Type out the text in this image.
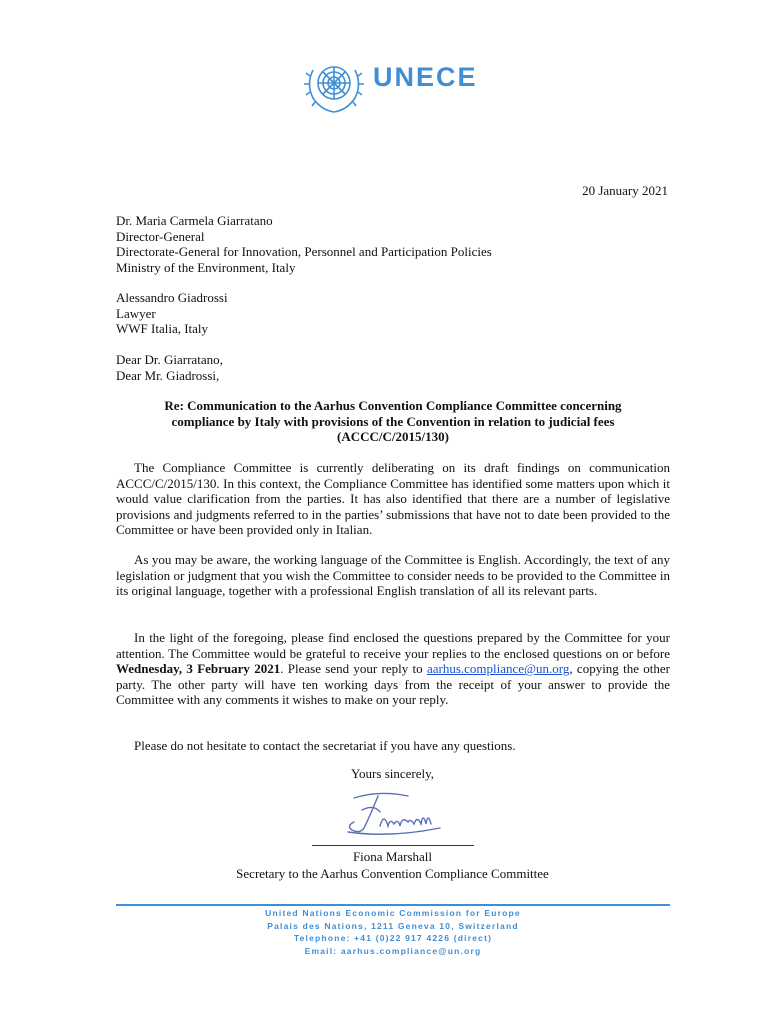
UNECE
20 January 2021
Dr. Maria Carmela Giarratano
Director-General
Directorate-General for Innovation, Personnel and Participation Policies
Ministry of the Environment, Italy
Alessandro Giadrossi
Lawyer
WWF Italia, Italy
Dear Dr. Giarratano,
Dear Mr. Giadrossi,
Re: Communication to the Aarhus Convention Compliance Committee concerning
compliance by Italy with provisions of the Convention in relation to judicial fees
(ACCC/C/2015/130)

The Compliance Committee is currently deliberating on its draft findings on communication ACCC/C/2015/130. In this context, the Compliance Committee has identified some matters upon which it would value clarification from the parties. It has also identified that there are a number of legislative provisions and judgments referred to in the parties’ submissions that have not to date been provided to the Committee or have been provided only in Italian.

As you may be aware, the working language of the Committee is English. Accordingly, the text of any legislation or judgment that you wish the Committee to consider needs to be provided to the Committee in its original language, together with a professional English translation of all its relevant parts.

In the light of the foregoing, please find enclosed the questions prepared by the Committee for your attention. The Committee would be grateful to receive your replies to the enclosed questions on or before Wednesday, 3 February 2021. Please send your reply to aarhus.compliance@un.org, copying the other party. The other party will have ten working days from the receipt of your answer to provide the Committee with any comments it wishes to make on your reply.

Please do not hesitate to contact the secretariat if you have any questions.

Yours sincerely,
Fiona Marshall
Secretary to the Aarhus Convention Compliance Committee
United Nations Economic Commission for Europe
Palais des Nations, 1211 Geneva 10, Switzerland
Telephone: +41 (0)22 917 4226 (direct)
Email: aarhus.compliance@un.org
